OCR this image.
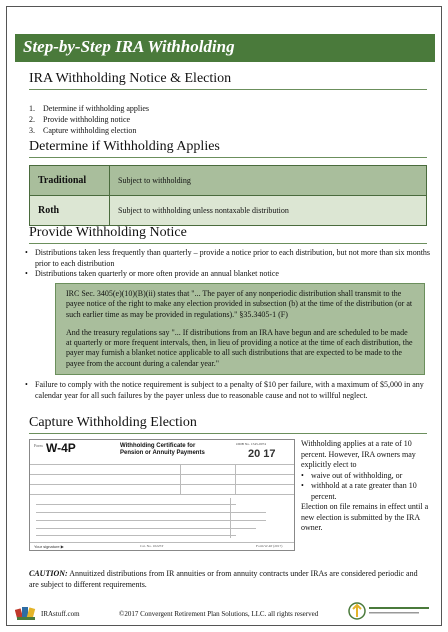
Step-by-Step IRA Withholding
IRA Withholding Notice & Election
1. Determine if withholding applies
2. Provide withholding notice
3. Capture withholding election
Determine if Withholding Applies
Traditional	Subject to withholding
Roth	Subject to withholding unless nontaxable distribution
Provide Withholding Notice
• Distributions taken less frequently than quarterly – provide a notice prior to each distribution, but not more than six months prior to each distribution
• Distributions taken quarterly or more often provide an annual blanket notice

IRC Sec. 3405(e)(10)(B)(ii) states that "... The payer of any nonperiodic distribution shall transmit to the payee notice of the right to make any election provided in subsection (b) at the time of the distribution (or at such earlier time as may be provided in regulations)." §35.3405-1 (F)

And the treasury regulations say "... If distributions from an IRA have begun and are scheduled to be made at quarterly or more frequent intervals, then, in lieu of providing a notice at the time of each distribution, the payer may furnish a blanket notice applicable to all such distributions that are expected to be made to the payee from the account during a calendar year."

• Failure to comply with the notice requirement is subject to a penalty of $10 per failure, with a maximum of $5,000 in any calendar year for all such failures by the payer unless due to reasonable cause and not to willful neglect.
Capture Withholding Election
Form W-4P	Withholding Certificate for
Pension or Annuity Payments
OMB No. 1545-0074
20 17
Your signature ▶	Cat. No. 10225T	Form W-4P (2017)
Withholding applies at a rate of 10 percent. However, IRA owners may explicitly elect to
• waive out of withholding, or
• withhold at a rate greater than 10 percent.
Election on file remains in effect until a new election is submitted by the IRA owner.
CAUTION: Annuitized distributions from IR annuities or from annuity contracts under IRAs are considered periodic and are subject to different requirements.
IRAstuff.com	©2017 Convergent Retirement Plan Solutions, LLC. all rights reserved
